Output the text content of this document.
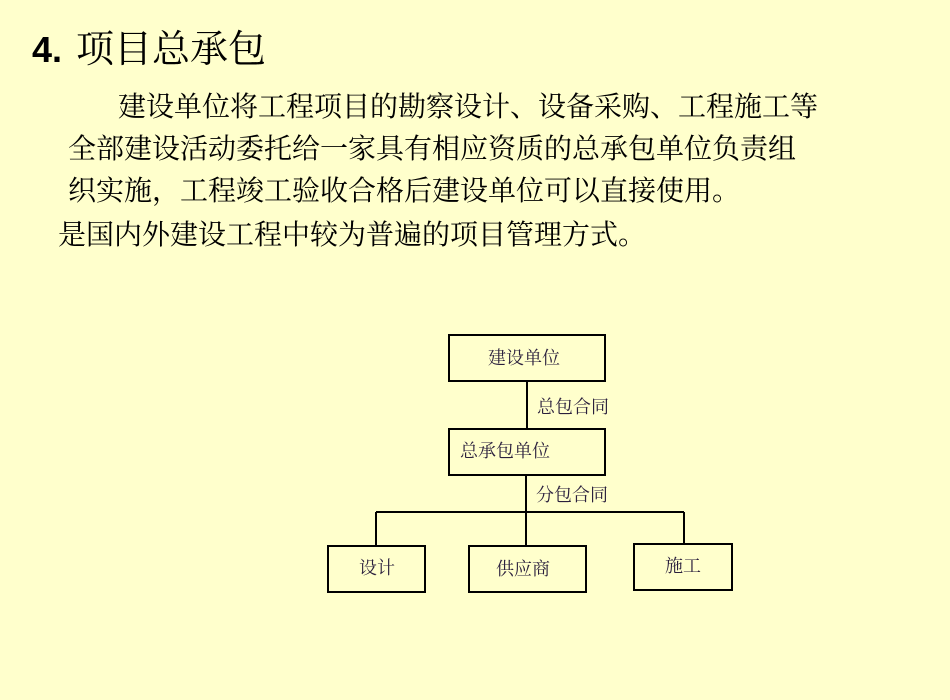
4. 项目总承包
建设单位将工程项目的勘察设计、设备采购、工程施工等
全部建设活动委托给一家具有相应资质的总承包单位负责组
织实施，工程竣工验收合格后建设单位可以直接使用。
是国内外建设工程中较为普遍的项目管理方式。
建设单位
总包合同
总承包单位
分包合同
设计	供应商	施工
